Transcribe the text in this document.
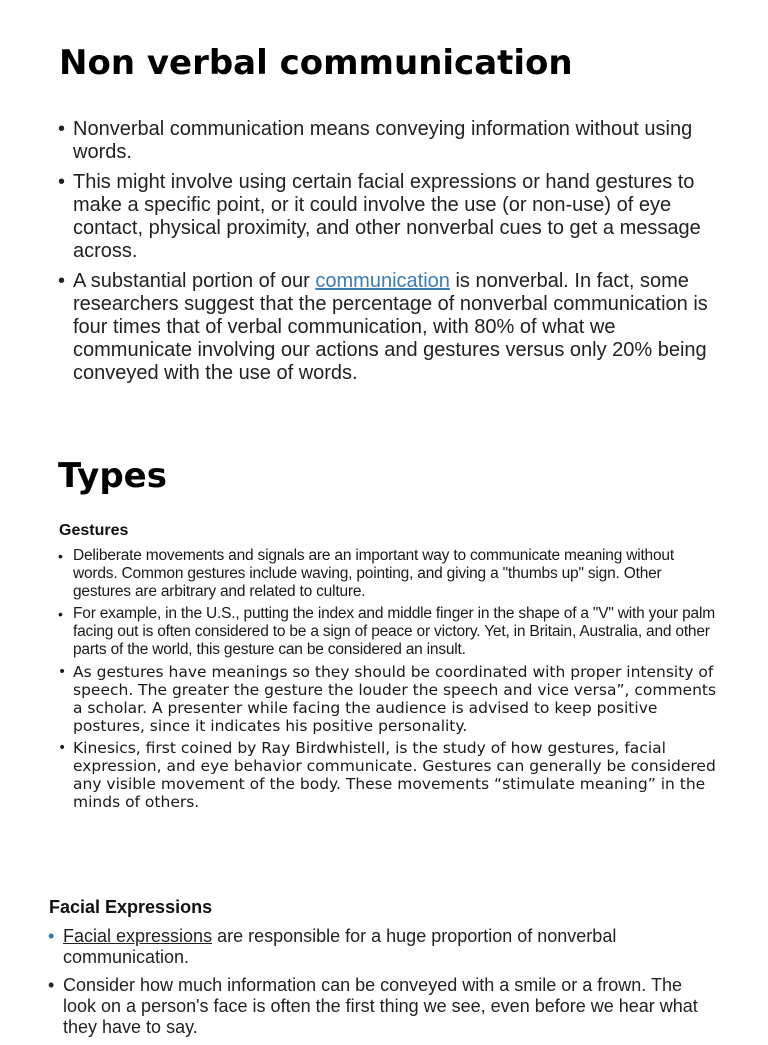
Non verbal communication
• Nonverbal communication means conveying information without using words.
• This might involve using certain facial expressions or hand gestures to make a specific point, or it could involve the use (or non-use) of eye contact, physical proximity, and other nonverbal cues to get a message across.
• A substantial portion of our communication is nonverbal. In fact, some researchers suggest that the percentage of nonverbal communication is four times that of verbal communication, with 80% of what we communicate involving our actions and gestures versus only 20% being conveyed with the use of words.
Types
Gestures
• Deliberate movements and signals are an important way to communicate meaning without words. Common gestures include waving, pointing, and giving a "thumbs up" sign. Other gestures are arbitrary and related to culture.
• For example, in the U.S., putting the index and middle finger in the shape of a "V" with your palm facing out is often considered to be a sign of peace or victory. Yet, in Britain, Australia, and other parts of the world, this gesture can be considered an insult.
• As gestures have meanings so they should be coordinated with proper intensity of speech. The greater the gesture the louder the speech and vice versa”, comments a scholar. A presenter while facing the audience is advised to keep positive postures, since it indicates his positive personality.
• Kinesics, first coined by Ray Birdwhistell, is the study of how gestures, facial expression, and eye behavior communicate. Gestures can generally be considered any visible movement of the body. These movements “stimulate meaning” in the minds of others.
Facial Expressions
• Facial expressions are responsible for a huge proportion of nonverbal communication.
• Consider how much information can be conveyed with a smile or a frown. The look on a person's face is often the first thing we see, even before we hear what they have to say.
